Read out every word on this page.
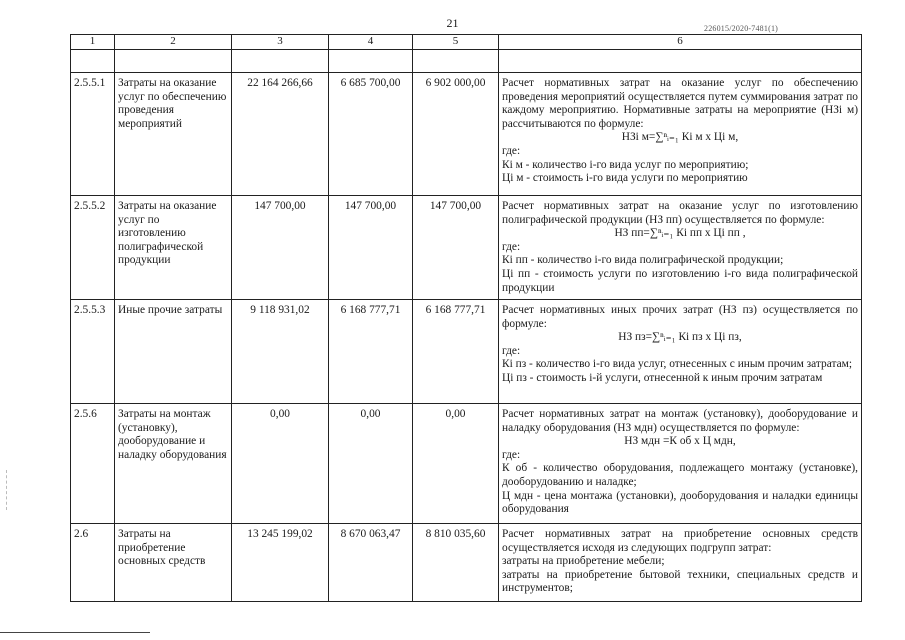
21	226015/2020-7481(1)
1	2	3	4	5	6

2.5.5.1	Затраты на оказание услуг по обеспечению проведения мероприятий	22 164 266,66	6 685 700,00	6 902 000,00	Расчет нормативных затрат на оказание услуг по обеспечению проведения мероприятий осуществляется путем суммирования затрат по каждому мероприятию. Нормативные затраты на мероприятие (НЗi м) рассчитываются по формуле:
НЗi м=∑ⁿᵢ₌₁ Кi м х Цi м,
где:
Кi м - количество i-го вида услуг по мероприятию;
Цi м - стоимость i-го вида услуги по мероприятию

2.5.5.2	Затраты на оказание услуг по изготовлению полиграфической продукции	147 700,00	147 700,00	147 700,00	Расчет нормативных затрат на оказание услуг по изготовлению полиграфической продукции (НЗ пп) осуществляется по формуле:
НЗ пп=∑ⁿᵢ₌₁ Кi пп х Цi пп ,
где:
Кi пп - количество i-го вида полиграфической продукции;
Цi пп - стоимость услуги по изготовлению i-го вида полиграфической продукции

2.5.5.3	Иные прочие затраты	9 118 931,02	6 168 777,71	6 168 777,71	Расчет нормативных иных прочих затрат (НЗ пз) осуществляется по формуле:
НЗ пз=∑ⁿᵢ₌₁ Кi пз х Цi пз,
где:
Кi пз - количество i-го вида услуг, отнесенных с иным прочим затратам;
Цi пз - стоимость i-й услуги, отнесенной к иным прочим затратам

2.5.6	Затраты на монтаж (установку), дооборудование и наладку оборудования	0,00	0,00	0,00	Расчет нормативных затрат на монтаж (установку), дооборудование и наладку оборудования (НЗ мдн) осуществляется по формуле:
НЗ мдн =К об х Ц мдн,
где:
К об - количество оборудования, подлежащего монтажу (установке), дооборудованию и наладке;
Ц мдн - цена монтажа (установки), дооборудования и наладки единицы оборудования

2.6	Затраты на приобретение основных средств	13 245 199,02	8 670 063,47	8 810 035,60	Расчет нормативных затрат на приобретение основных средств осуществляется исходя из следующих подгрупп затрат:
затраты на приобретение мебели;
затраты на приобретение бытовой техники, специальных средств и инструментов;
